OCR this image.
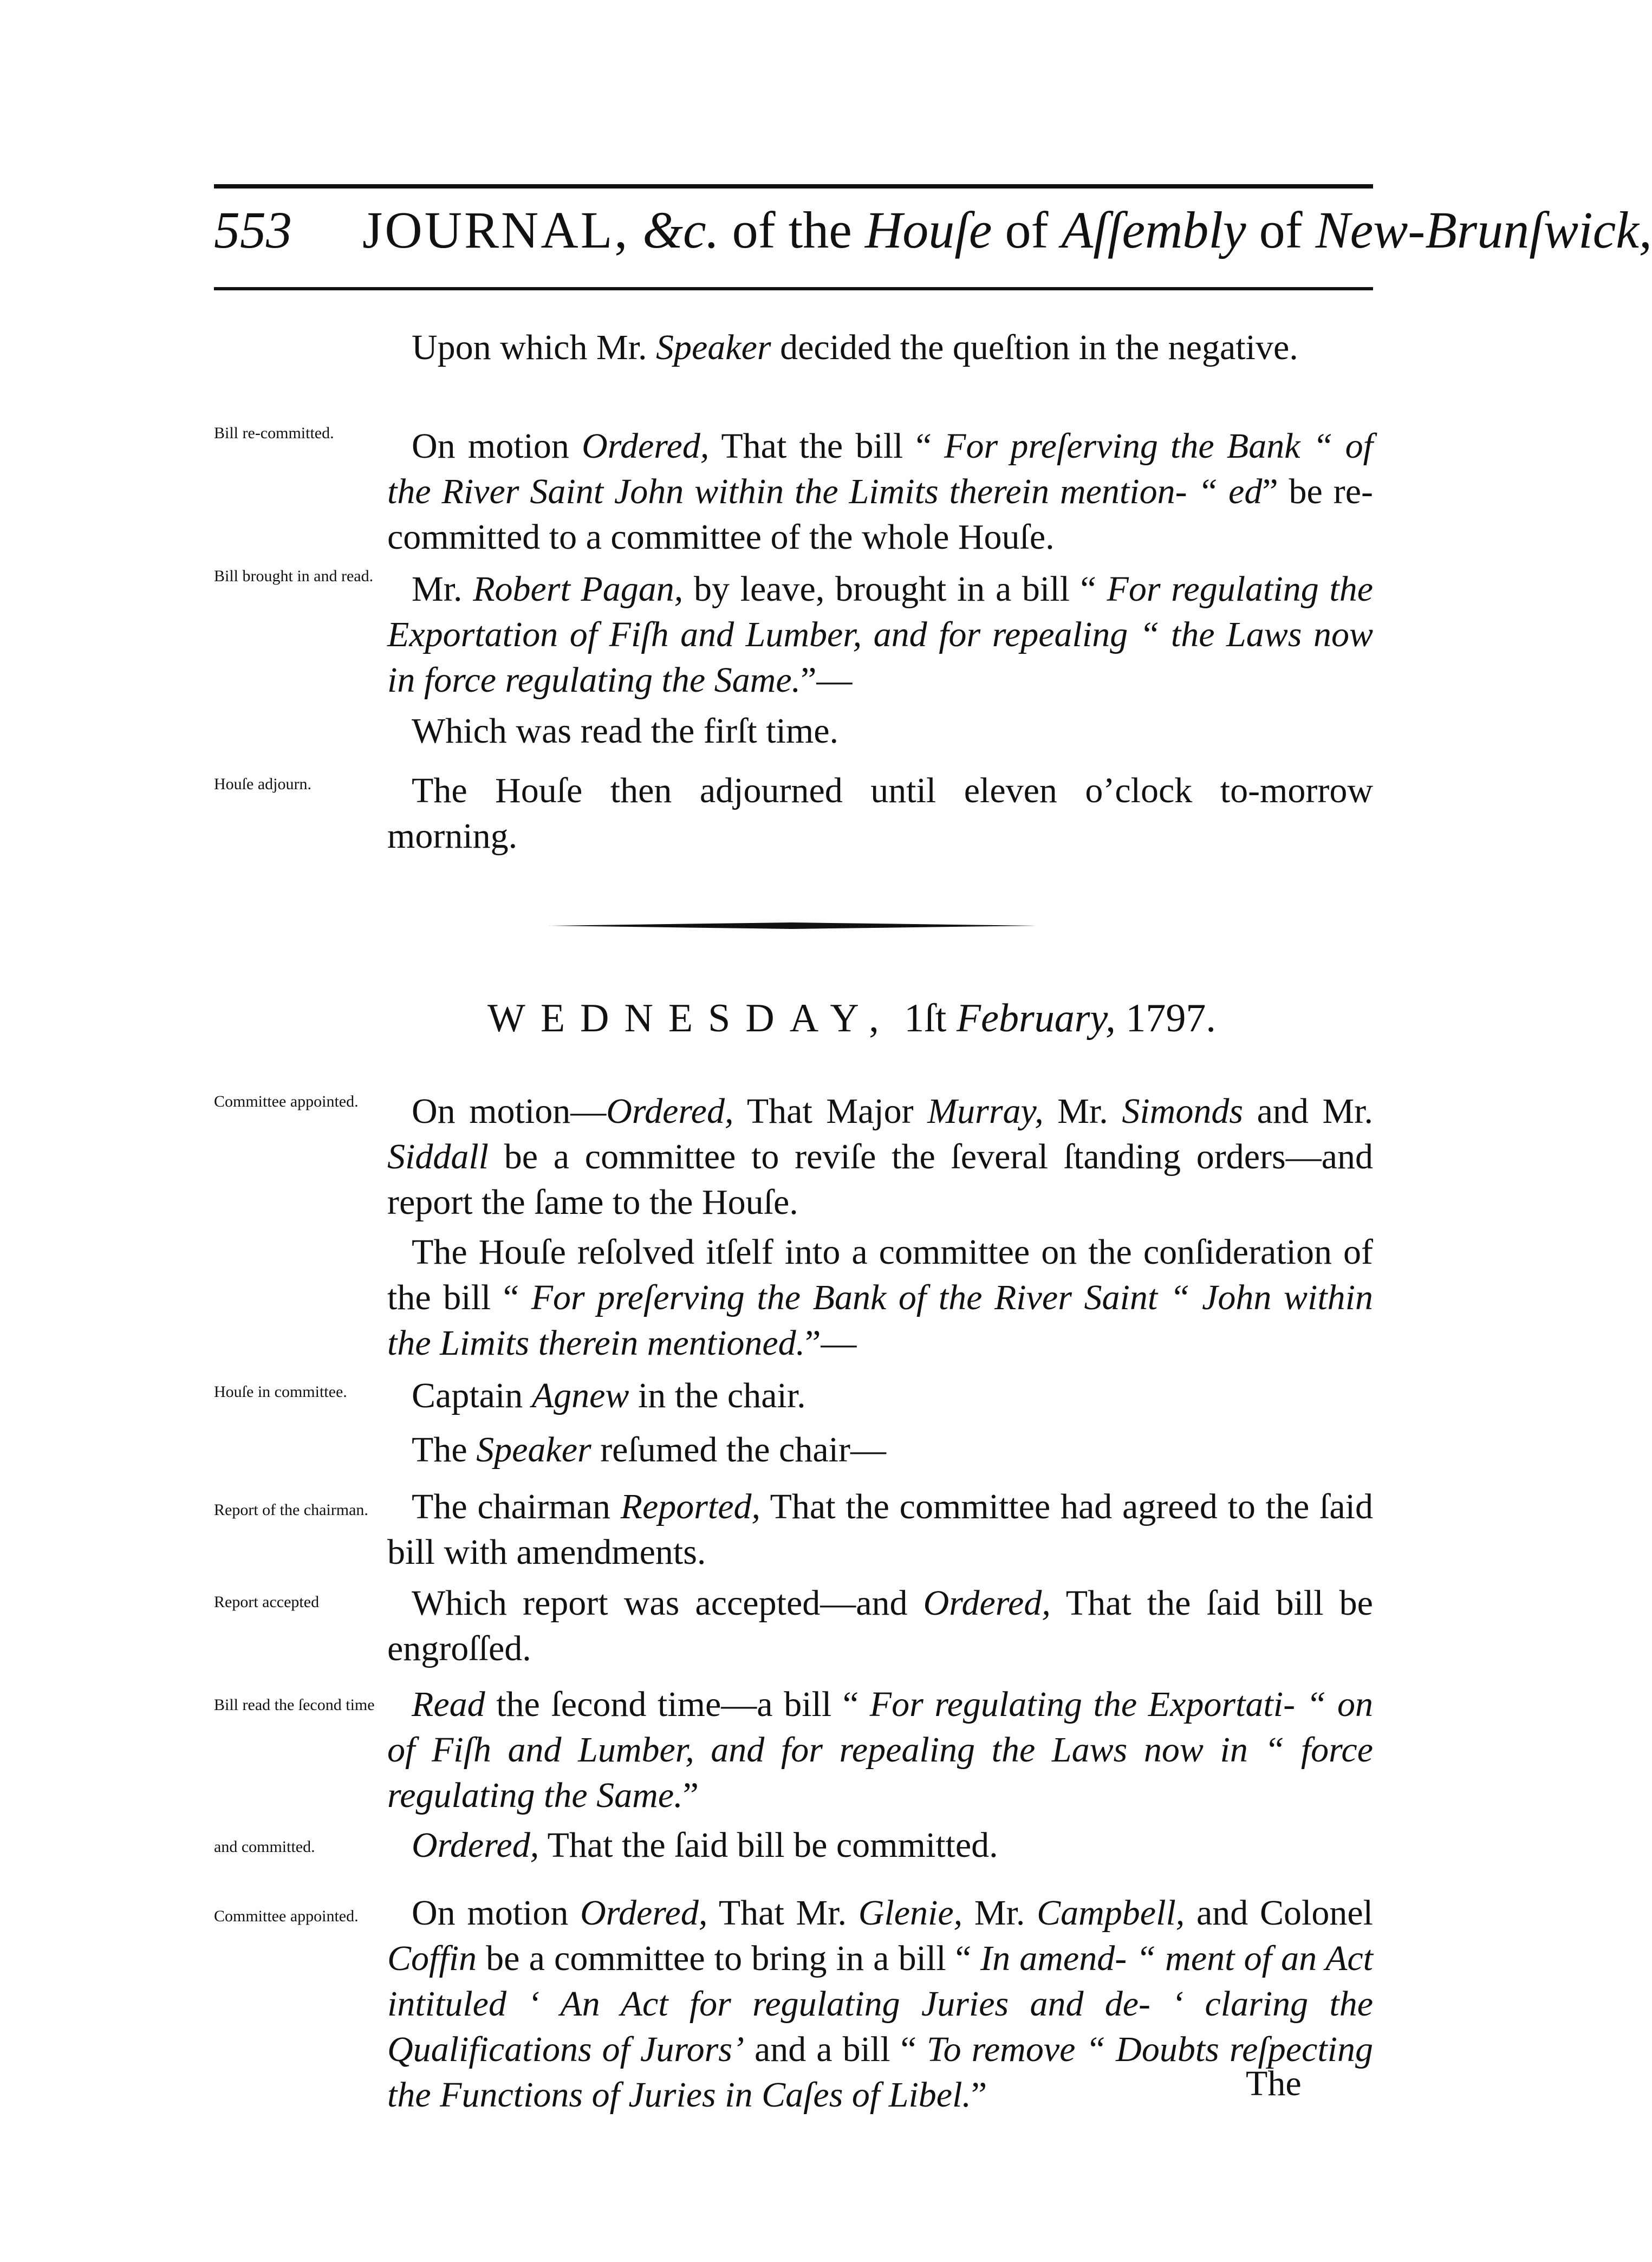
553 JOURNAL, &c. of the Houſe of Aſſembly of New-Brunſwick,
Bill re-committed.
Bill brought in and read.
Houſe adjourn.
Committee appointed.
Houſe in committee.
Report of the chairman.
Report accepted
Bill read the ſecond time
and committed.
Committee appointed.
Upon which Mr. Speaker decided the queſtion in the negative.
On motion Ordered, That the bill “ For preſerving the Bank “ of the River Saint John within the Limits therein mention- “ ed” be re-committed to a committee of the whole Houſe.
Mr. Robert Pagan, by leave, brought in a bill “ For regulating the Exportation of Fiſh and Lumber, and for repealing “ the Laws now in force regulating the Same.”—
Which was read the firſt time.
The Houſe then adjourned until eleven o’clock to-morrow morning.
WEDNESDAY, 1ſt February, 1797.
On motion—Ordered, That Major Murray, Mr. Simonds and Mr. Siddall be a committee to reviſe the ſeveral ſtanding orders—and report the ſame to the Houſe.
The Houſe reſolved itſelf into a committee on the conſideration of the bill “ For preſerving the Bank of the River Saint “ John within the Limits therein mentioned.”—
Captain Agnew in the chair.
The Speaker reſumed the chair—
The chairman Reported, That the committee had agreed to the ſaid bill with amendments.
Which report was accepted—and Ordered, That the ſaid bill be engroſſed.
Read the ſecond time—a bill “ For regulating the Exportati- “ on of Fiſh and Lumber, and for repealing the Laws now in “ force regulating the Same.”
Ordered, That the ſaid bill be committed.
On motion Ordered, That Mr. Glenie, Mr. Campbell, and Colonel Coffin be a committee to bring in a bill “ In amend- “ ment of an Act intituled ‘ An Act for regulating Juries and de- ‘ claring the Qualifications of Jurors’ and a bill “ To remove “ Doubts reſpecting the Functions of Juries in Caſes of Libel.”	The
